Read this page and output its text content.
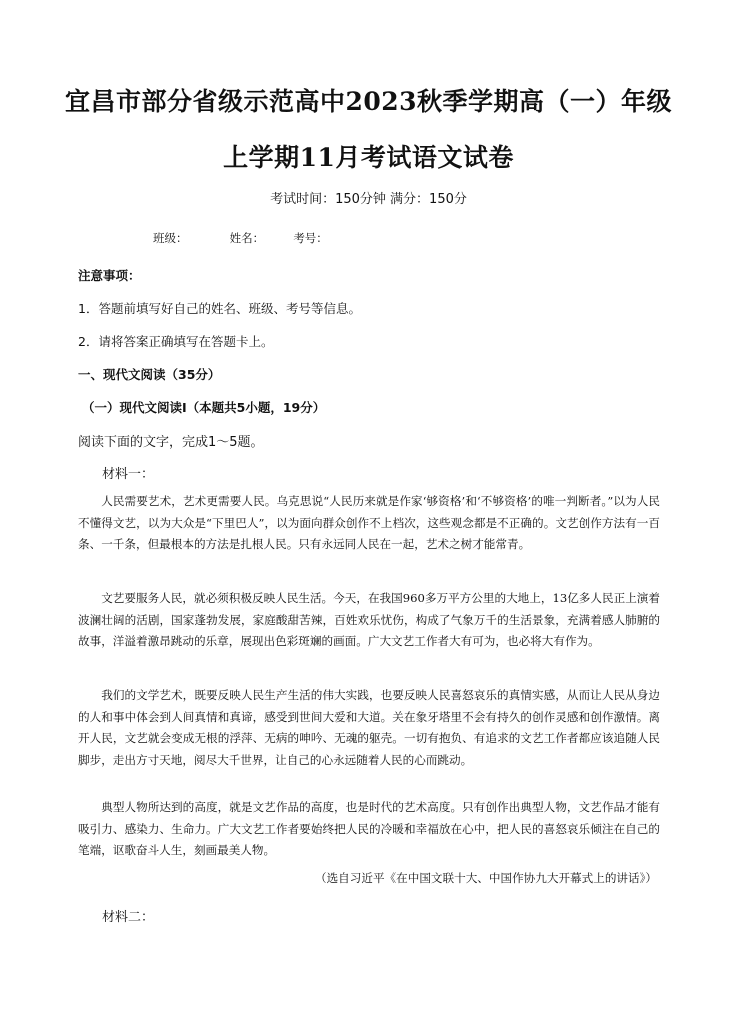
宜昌市部分省级示范高中2023秋季学期高（一）年级
上学期11月考试语文试卷
考试时间：150分钟 满分：150分
班级：	姓名：	考号：
注意事项：
1．答题前填写好自己的姓名、班级、考号等信息。
2．请将答案正确填写在答题卡上。
一、现代文阅读（35分）
（一）现代文阅读Ⅰ（本题共5小题，19分）
阅读下面的文字，完成1～5题。
材料一：

人民需要艺术，艺术更需要人民。乌克思说“人民历来就是作家‘够资格’和‘不够资格’的唯一判断者。”以为人民不懂得文艺，以为大众是“下里巴人”，以为面向群众创作不上档次，这些观念都是不正确的。文艺创作方法有一百条、一千条，但最根本的方法是扎根人民。只有永远同人民在一起，艺术之树才能常青。

文艺要服务人民，就必须积极反映人民生活。今天，在我国960多万平方公里的大地上，13亿多人民正上演着波澜壮阔的活剧，国家蓬勃发展，家庭酸甜苦辣，百姓欢乐忧伤，构成了气象万千的生活景象，充满着感人肺腑的故事，洋溢着激昂跳动的乐章，展现出色彩斑斓的画面。广大文艺工作者大有可为，也必将大有作为。

我们的文学艺术，既要反映人民生产生活的伟大实践，也要反映人民喜怒哀乐的真情实感，从而让人民从身边的人和事中体会到人间真情和真谛，感受到世间大爱和大道。关在象牙塔里不会有持久的创作灵感和创作激情。离开人民，文艺就会变成无根的浮萍、无病的呻吟、无魂的躯壳。一切有抱负、有追求的文艺工作者都应该追随人民脚步，走出方寸天地，阅尽大千世界，让自己的心永远随着人民的心而跳动。

典型人物所达到的高度，就是文艺作品的高度，也是时代的艺术高度。只有创作出典型人物，文艺作品才能有吸引力、感染力、生命力。广大文艺工作者要始终把人民的冷暖和幸福放在心中，把人民的喜怒哀乐倾注在自己的笔端，讴歌奋斗人生，刻画最美人物。

（选自习近平《在中国文联十大、中国作协九大开幕式上的讲话》）
材料二：
